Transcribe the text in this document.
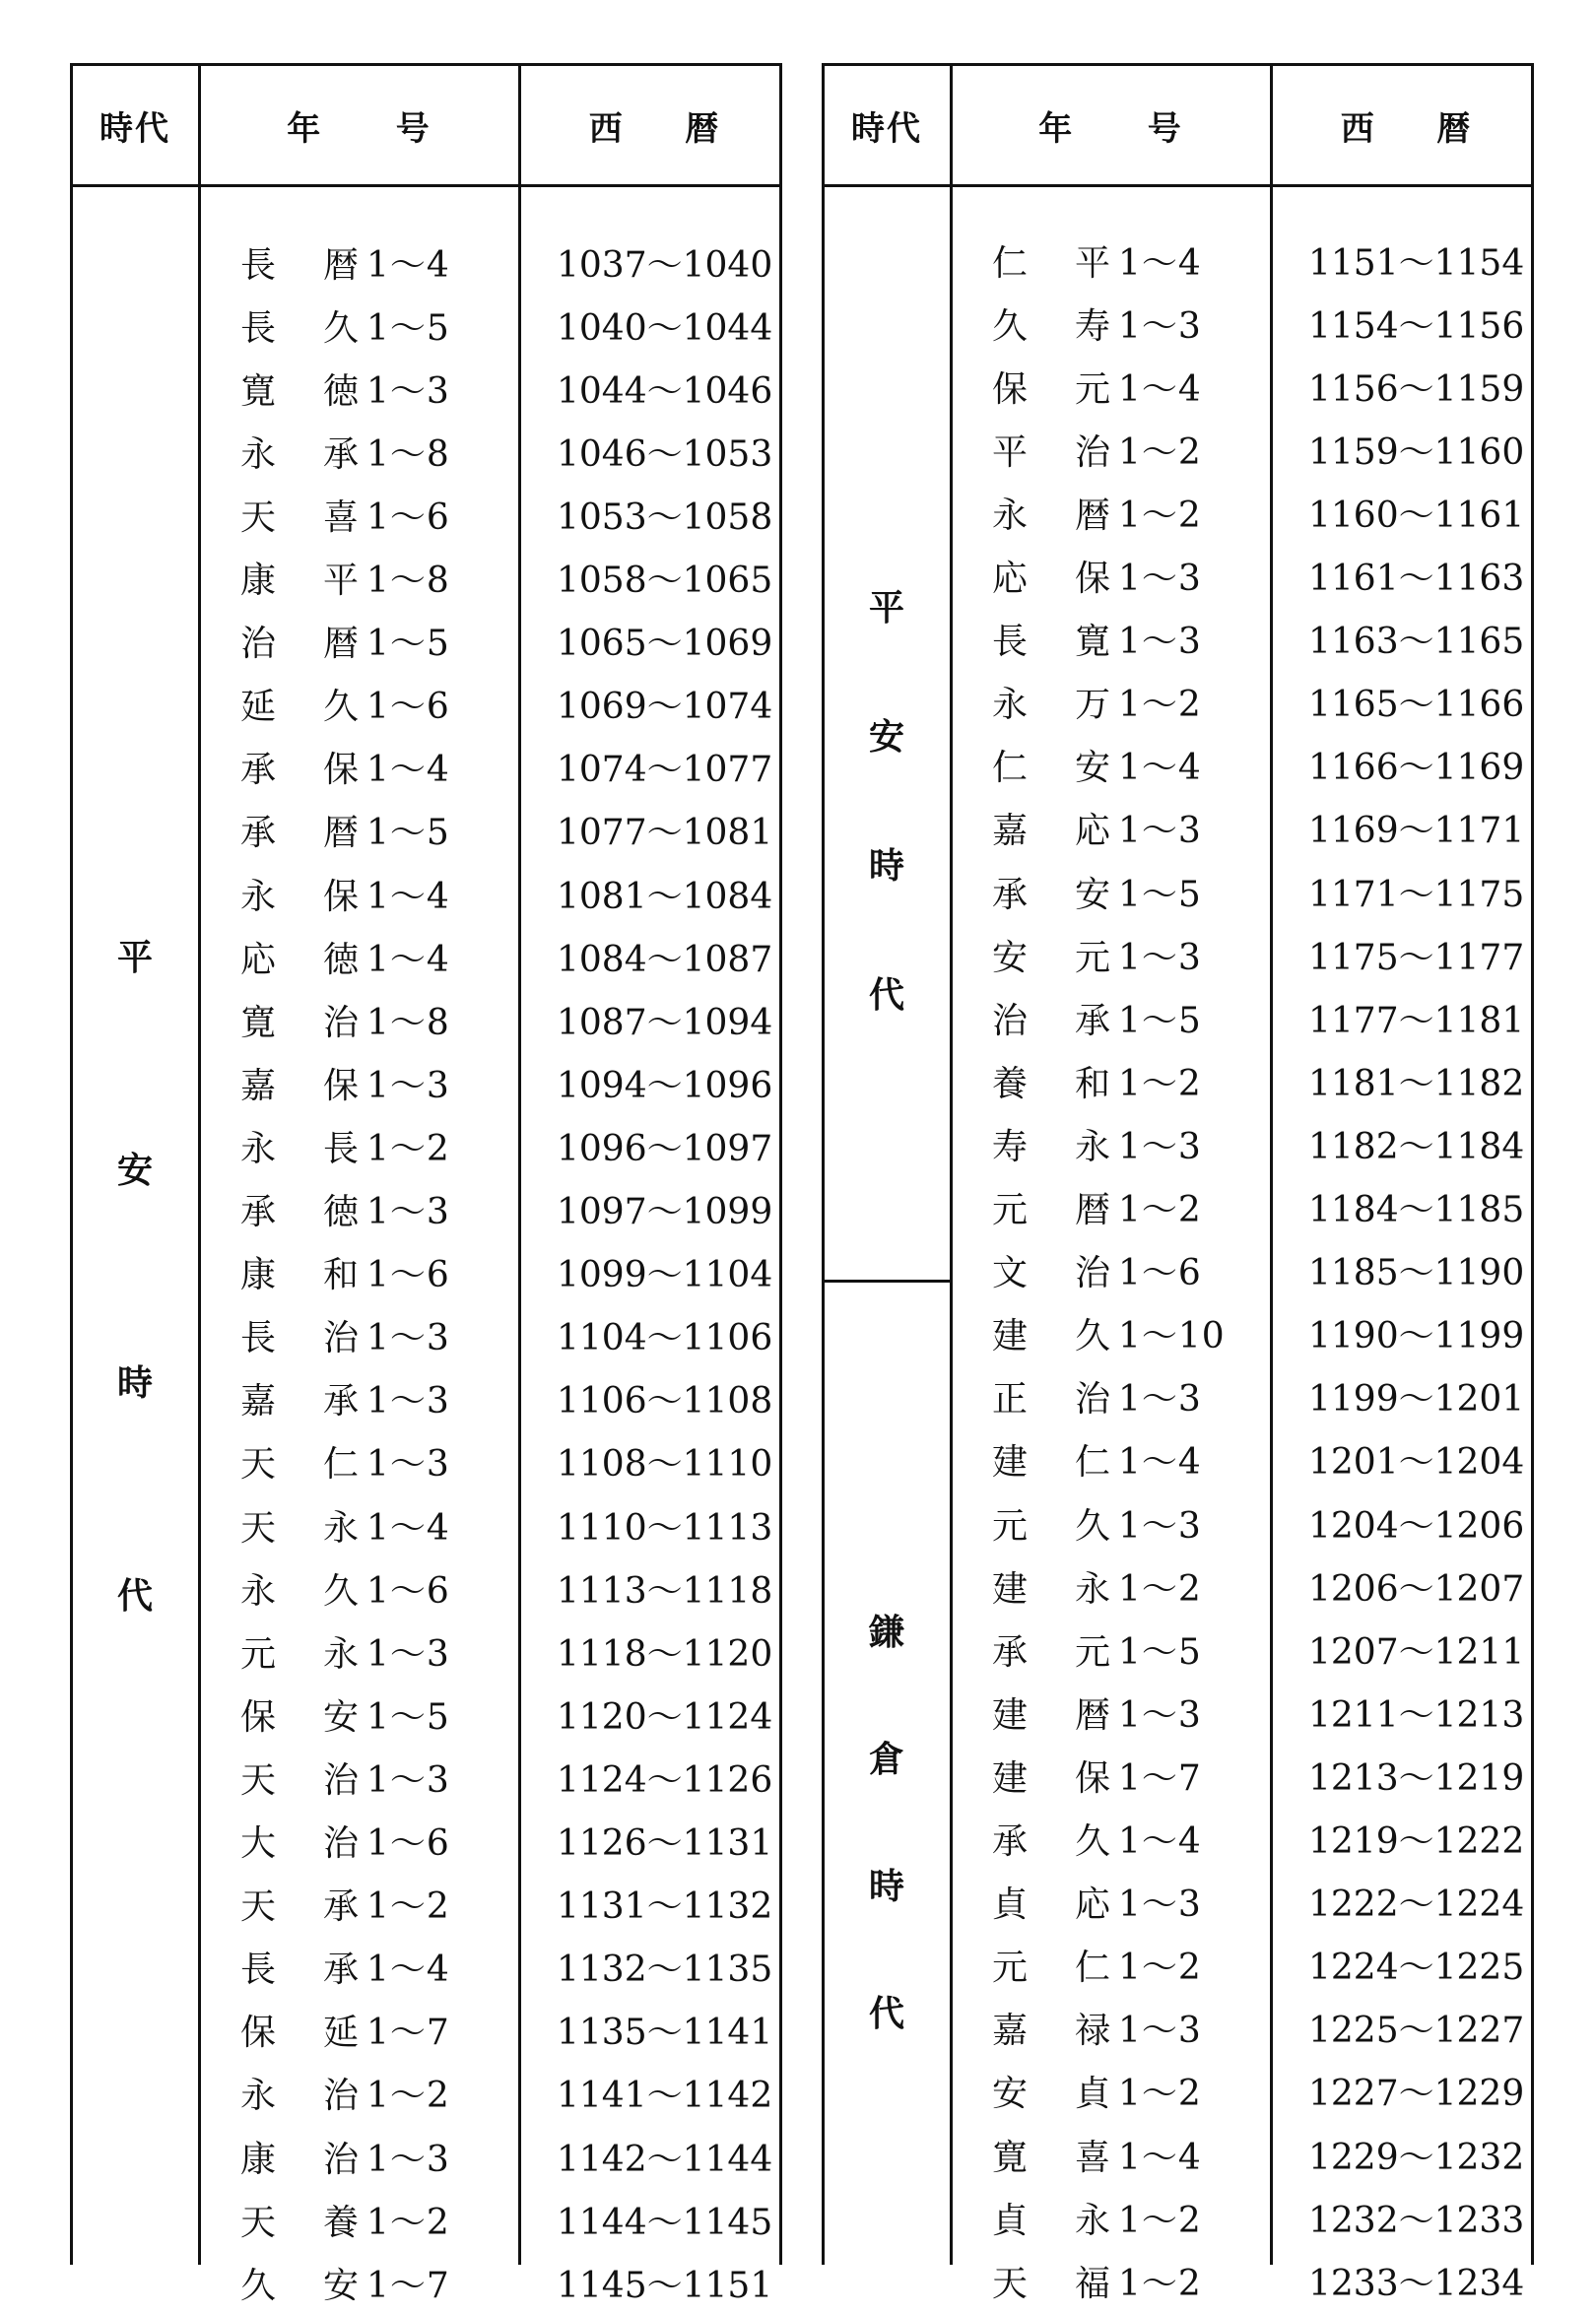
時代	年 号	西 暦
平
安
時
代
長	暦 1～4	1037～1040
長	久 1～5	1040～1044
寛	徳 1～3	1044～1046
永	承 1～8	1046～1053
天	喜 1～6	1053～1058
康	平 1～8	1058～1065
治	暦 1～5	1065～1069
延	久 1～6	1069～1074
承	保 1～4	1074～1077
承	暦 1～5	1077～1081
永	保 1～4	1081～1084
応	徳 1～4	1084～1087
寛	治 1～8	1087～1094
嘉	保 1～3	1094～1096
永	長 1～2	1096～1097
承	徳 1～3	1097～1099
康	和 1～6	1099～1104
長	治 1～3	1104～1106
嘉	承 1～3	1106～1108
天	仁 1～3	1108～1110
天	永 1～4	1110～1113
永	久 1～6	1113～1118
元	永 1～3	1118～1120
保	安 1～5	1120～1124
天	治 1～3	1124～1126
大	治 1～6	1126～1131
天	承 1～2	1131～1132
長	承 1～4	1132～1135
保	延 1～7	1135～1141
永	治 1～2	1141～1142
康	治 1～3	1142～1144
天	養 1～2	1144～1145
久	安 1～7	1145～1151
時代	年 号	西 暦
平
安
時
代
鎌
倉
時
代
仁	平 1～4	1151～1154
久	寿 1～3	1154～1156
保	元 1～4	1156～1159
平	治 1～2	1159～1160
永	暦 1～2	1160～1161
応	保 1～3	1161～1163
長	寛 1～3	1163～1165
永	万 1～2	1165～1166
仁	安 1～4	1166～1169
嘉	応 1～3	1169～1171
承	安 1～5	1171～1175
安	元 1～3	1175～1177
治	承 1～5	1177～1181
養	和 1～2	1181～1182
寿	永 1～3	1182～1184
元	暦 1～2	1184～1185
文	治 1～6	1185～1190
建	久 1～10 1190～1199
正	治 1～3	1199～1201
建	仁 1～4	1201～1204
元	久 1～3	1204～1206
建	永 1～2	1206～1207
承	元 1～5	1207～1211
建	暦 1～3	1211～1213
建	保 1～7	1213～1219
承	久 1～4	1219～1222
貞	応 1～3	1222～1224
元	仁 1～2	1224～1225
嘉	禄 1～3	1225～1227
安	貞 1～2	1227～1229
寛	喜 1～4	1229～1232
貞	永 1～2	1232～1233
天	福 1～2	1233～1234
